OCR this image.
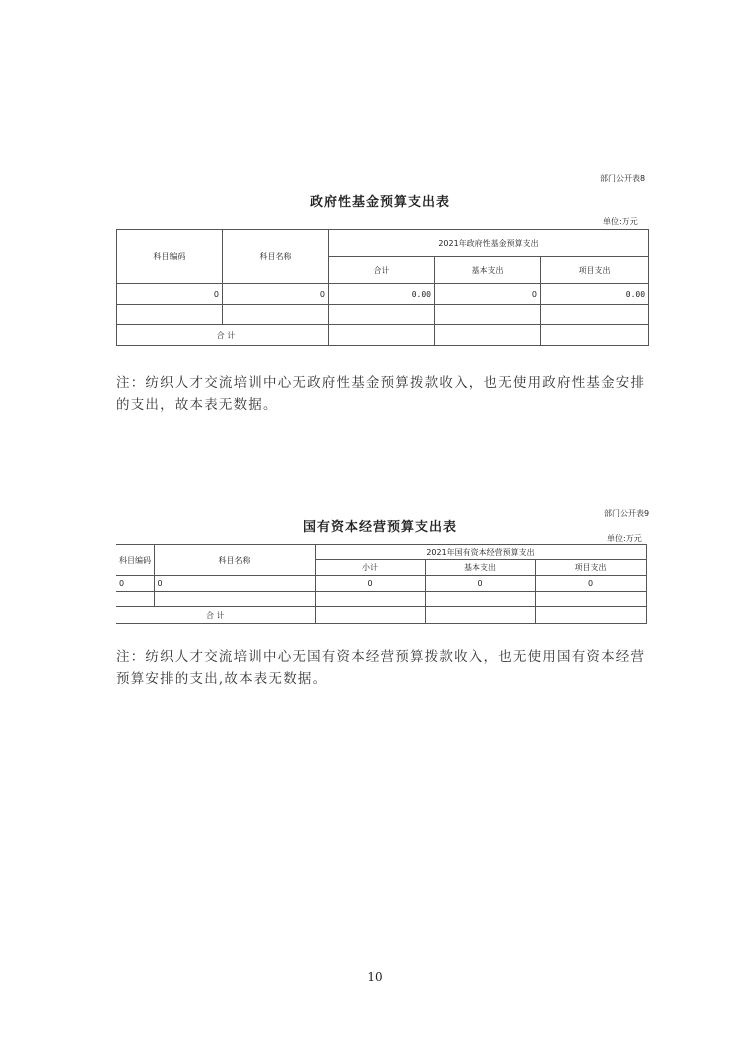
部门公开表8
政府性基金预算支出表
单位:万元
科目编码	科目名称	2021年政府性基金预算支出		
		合计	基本支出	项目支出
0	0	0.00	0	0.00

合 计				
注：纺织人才交流培训中心无政府性基金预算拨款收入，也无使用政府性基金安排的支出，故本表无数据。
部门公开表9
国有资本经营预算支出表
单位:万元
科目编码	科目名称	2021年国有资本经营预算支出		
		小计	基本支出	项目支出
0	0	0	0	0

合 计				
注：纺织人才交流培训中心无国有资本经营预算拨款收入，也无使用国有资本经营预算安排的支出,故本表无数据。
10
